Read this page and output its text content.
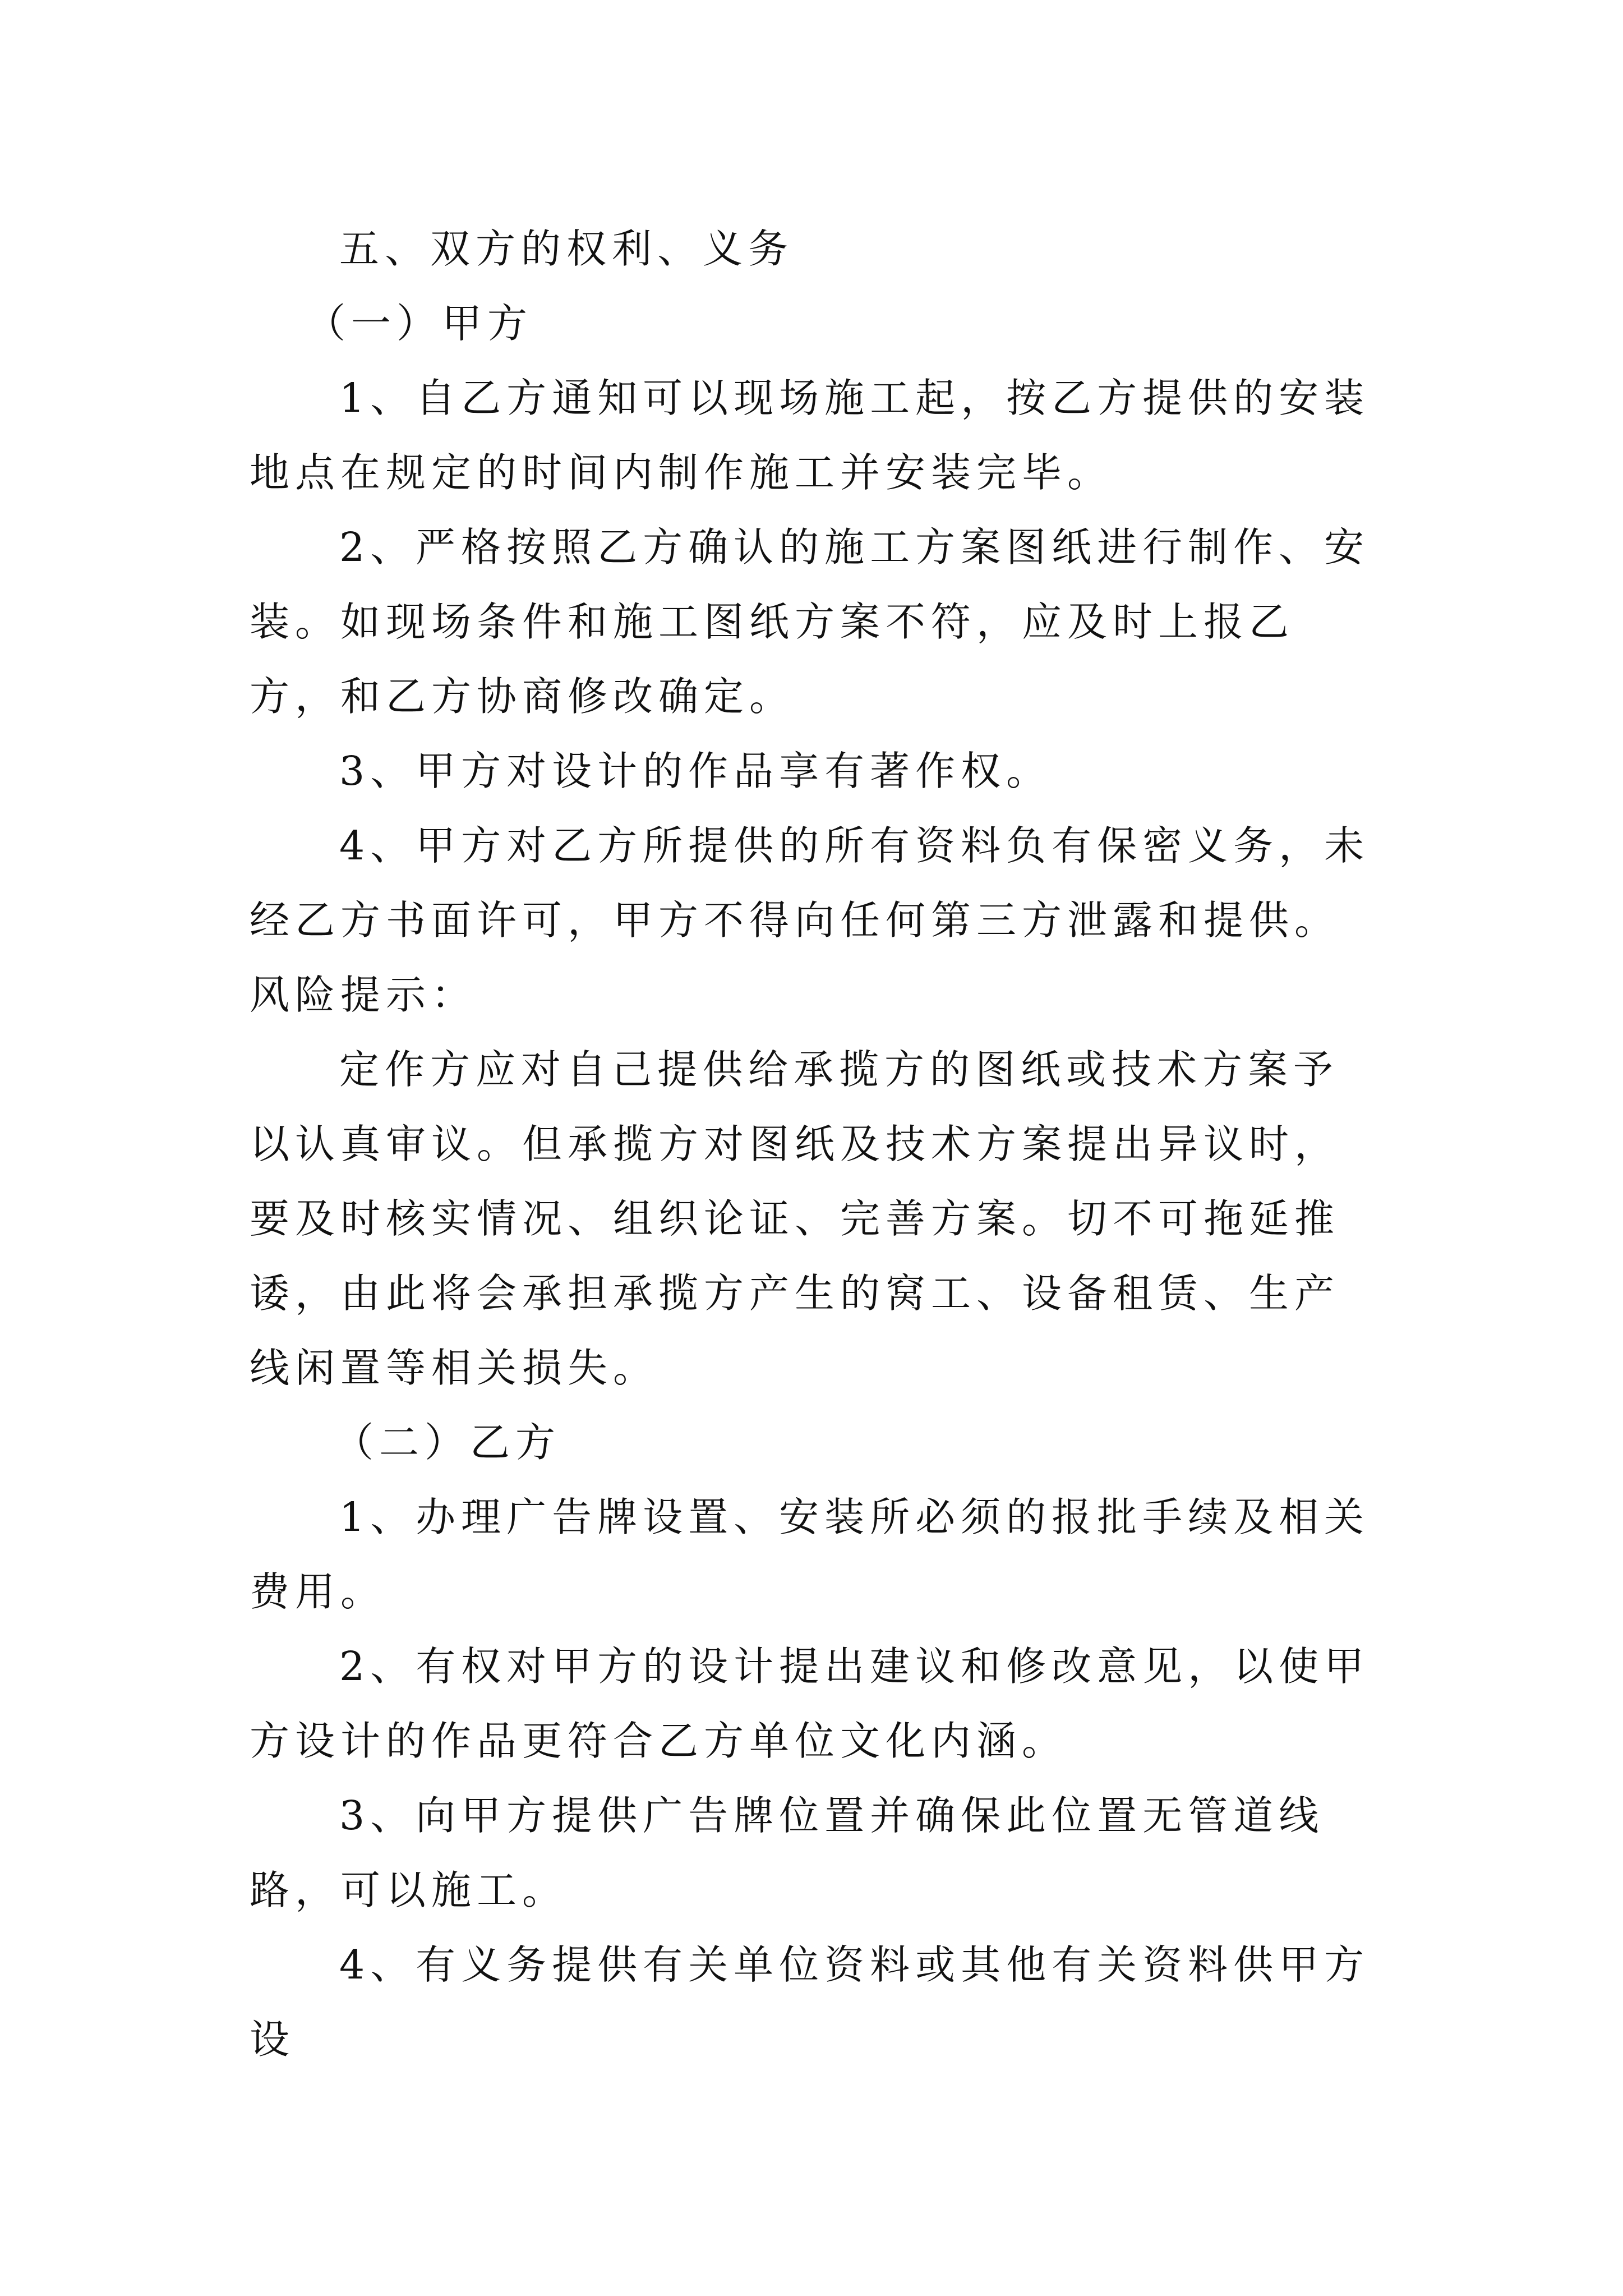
五、双方的权利、义务

（一）甲方

1、自乙方通知可以现场施工起，按乙方提供的安装地点在规定的时间内制作施工并安装完毕。

2、严格按照乙方确认的施工方案图纸进行制作、安装。如现场条件和施工图纸方案不符，应及时上报乙方，和乙方协商修改确定。

3、甲方对设计的作品享有著作权。

4、甲方对乙方所提供的所有资料负有保密义务，未经乙方书面许可，甲方不得向任何第三方泄露和提供。风险提示：

定作方应对自己提供给承揽方的图纸或技术方案予以认真审议。但承揽方对图纸及技术方案提出异议时，要及时核实情况、组织论证、完善方案。切不可拖延推诿，由此将会承担承揽方产生的窝工、设备租赁、生产线闲置等相关损失。

（二）乙方

1、办理广告牌设置、安装所必须的报批手续及相关费用。

2、有权对甲方的设计提出建议和修改意见，以使甲方设计的作品更符合乙方单位文化内涵。

3、向甲方提供广告牌位置并确保此位置无管道线路，可以施工。

4、有义务提供有关单位资料或其他有关资料供甲方设
